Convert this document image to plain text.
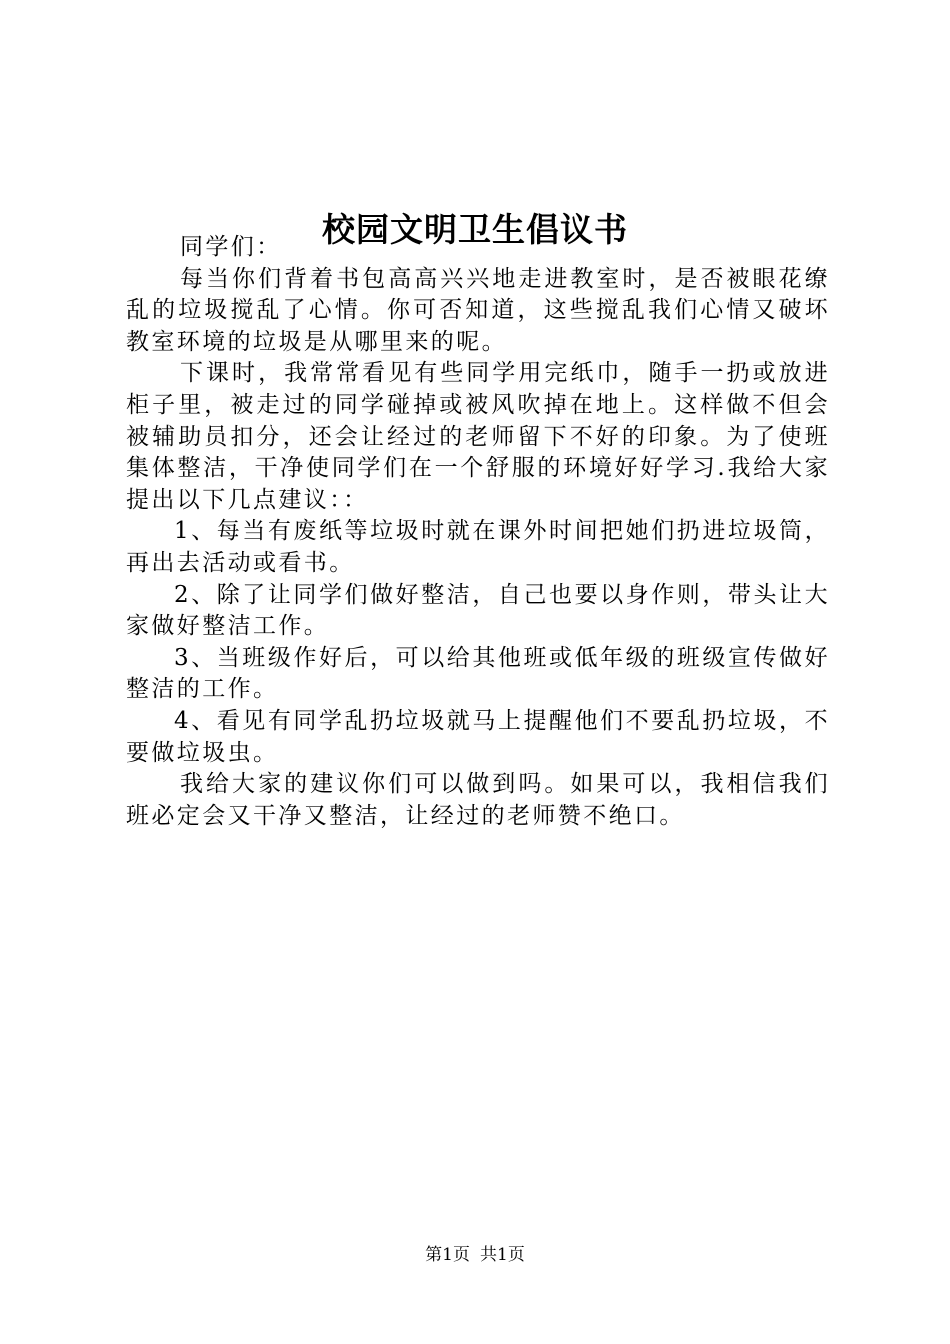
校园文明卫生倡议书

同学们：

每当你们背着书包高高兴兴地走进教室时，是否被眼花缭乱的垃圾搅乱了心情。你可否知道，这些搅乱我们心情又破坏教室环境的垃圾是从哪里来的呢。

下课时，我常常看见有些同学用完纸巾，随手一扔或放进柜子里，被走过的同学碰掉或被风吹掉在地上。这样做不但会被辅助员扣分，还会让经过的老师留下不好的印象。为了使班集体整洁，干净使同学们在一个舒服的环境好好学习.我给大家提出以下几点建议：：

1、每当有废纸等垃圾时就在课外时间把她们扔进垃圾筒，再出去活动或看书。

2、除了让同学们做好整洁，自己也要以身作则，带头让大家做好整洁工作。

3、当班级作好后，可以给其他班或低年级的班级宣传做好整洁的工作。

4、看见有同学乱扔垃圾就马上提醒他们不要乱扔垃圾，不要做垃圾虫。

我给大家的建议你们可以做到吗。如果可以，我相信我们班必定会又干净又整洁，让经过的老师赞不绝口。

第1页 共1页
